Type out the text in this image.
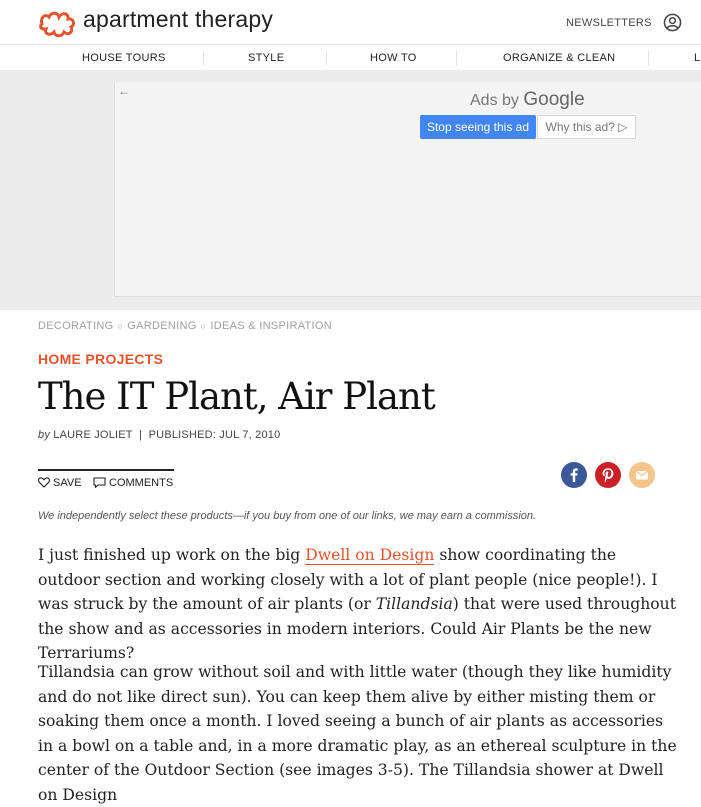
apartment therapy	NEWSLETTERS
HOUSE TOURS	STYLE	HOW TO	ORGANIZE & CLEAN	L
←
Ads by Google
Stop seeing this ad	Why this ad? ▷
DECORATING ○ GARDENING ○ IDEAS & INSPIRATION
HOME PROJECTS
The IT Plant, Air Plant
by LAURE JOLIET  |  PUBLISHED: JUL 7, 2010
SAVE	COMMENTS
We independently select these products—if you buy from one of our links, we may earn a commission.

I just finished up work on the big Dwell on Design show coordinating the outdoor section and working closely with a lot of plant people (nice people!). I was struck by the amount of air plants (or Tillandsia) that were used throughout the show and as accessories in modern interiors. Could Air Plants be the new Terrariums?

Tillandsia can grow without soil and with little water (though they like humidity and do not like direct sun). You can keep them alive by either misting them or soaking them once a month. I loved seeing a bunch of air plants as accessories in a bowl on a table and, in a more dramatic play, as an ethereal sculpture in the center of the Outdoor Section (see images 3-5). The Tillandsia shower at Dwell on Design
